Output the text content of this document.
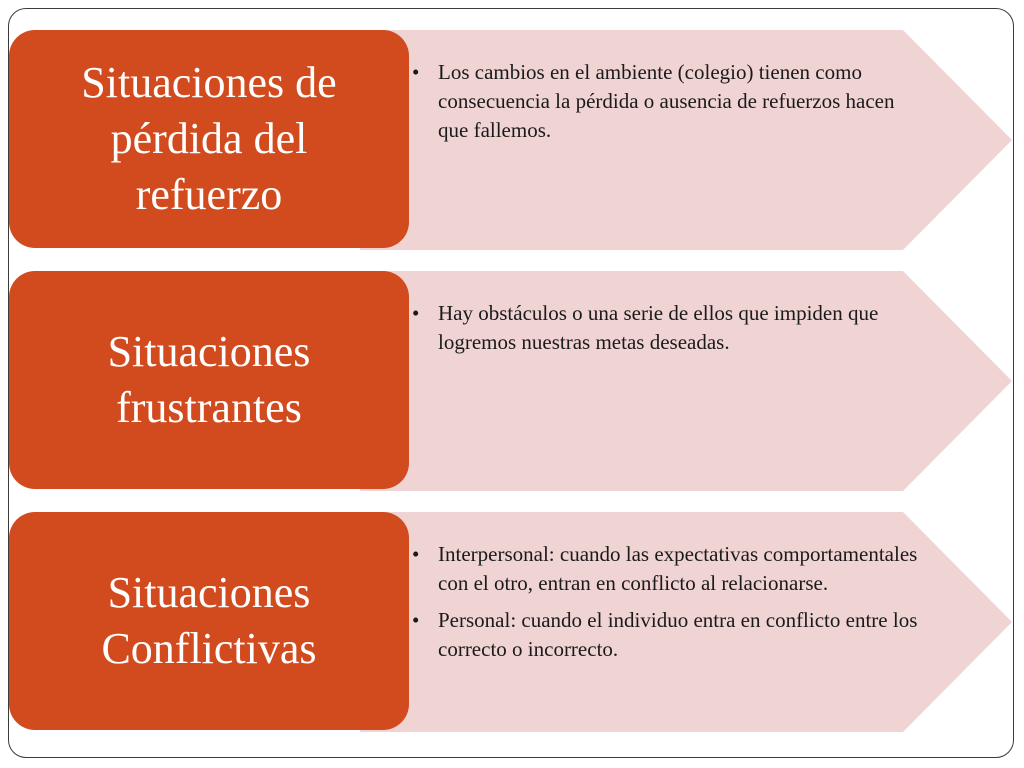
Situaciones de
pérdida del
refuerzo
• Los cambios en el ambiente (colegio) tienen como consecuencia la pérdida o ausencia de refuerzos hacen que fallemos.
Situaciones
frustrantes
• Hay obstáculos o una serie de ellos que impiden que logremos nuestras metas deseadas.
Situaciones
Conflictivas
• Interpersonal: cuando las expectativas comportamentales con el otro, entran en conflicto al relacionarse.
• Personal: cuando el individuo entra en conflicto entre los correcto o incorrecto.
